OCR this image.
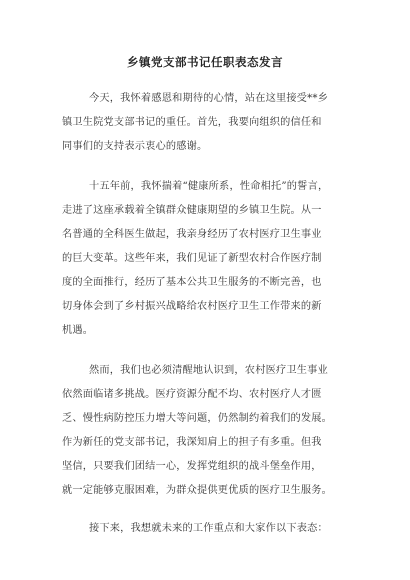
乡镇党支部书记任职表态发言
今天，我怀着感恩和期待的心情，站在这里接受**乡
镇卫生院党支部书记的重任。首先，我要向组织的信任和
同事们的支持表示衷心的感谢。
十五年前，我怀揣着“健康所系，性命相托”的誓言，
走进了这座承载着全镇群众健康期望的乡镇卫生院。从一
名普通的全科医生做起，我亲身经历了农村医疗卫生事业
的巨大变革。这些年来，我们见证了新型农村合作医疗制
度的全面推行，经历了基本公共卫生服务的不断完善，也
切身体会到了乡村振兴战略给农村医疗卫生工作带来的新
机遇。
然而，我们也必须清醒地认识到，农村医疗卫生事业
依然面临诸多挑战。医疗资源分配不均、农村医疗人才匮
乏、慢性病防控压力增大等问题，仍然制约着我们的发展。
作为新任的党支部书记，我深知肩上的担子有多重。但我
坚信，只要我们团结一心，发挥党组织的战斗堡垒作用，
就一定能够克服困难，为群众提供更优质的医疗卫生服务。
接下来，我想就未来的工作重点和大家作以下表态：
